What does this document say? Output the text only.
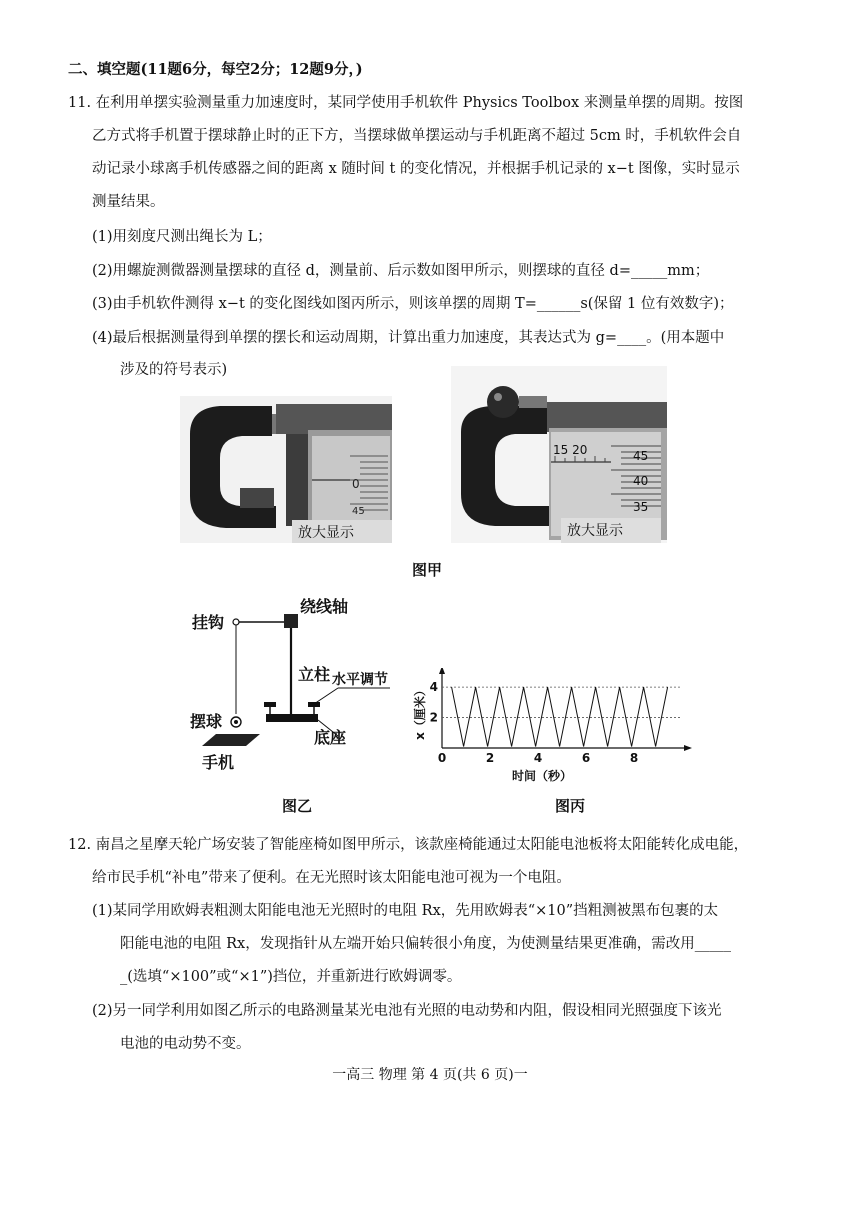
二、填空题(11题6分，每空2分；12题9分，)
11. 在利用单摆实验测量重力加速度时，某同学使用手机软件 Physics Toolbox 来测量单摆的周期。按图
乙方式将手机置于摆球静止时的正下方，当摆球做单摆运动与手机距离不超过 5cm 时，手机软件会自
动记录小球离手机传感器之间的距离 x 随时间 t 的变化情况，并根据手机记录的 x−t 图像，实时显示
测量结果。
(1)用刻度尺测出绳长为 L；
(2)用螺旋测微器测量摆球的直径 d，测量前、后示数如图甲所示，则摆球的直径 d=_____mm；
(3)由手机软件测得 x−t 的变化图线如图丙所示，则该单摆的周期 T=______s(保留 1 位有效数字)；
(4)最后根据测量得到单摆的摆长和运动周期，计算出重力加速度，其表达式为 g=____。(用本题中
涉及的符号表示)
0
45
放大显示
15 20	45
40
35
放大显示
图甲
挂钩
绕线轴
立柱 水平调节
摆球
底座
手机
x（厘米） 2
4
0	2	4	6	8
时间（秒）
图乙	图丙
12. 南昌之星摩天轮广场安装了智能座椅如图甲所示，该款座椅能通过太阳能电池板将太阳能转化成电能，
给市民手机“补电”带来了便利。在无光照时该太阳能电池可视为一个电阻。
(1)某同学用欧姆表粗测太阳能电池无光照时的电阻 Rx，先用欧姆表“×10”挡粗测被黑布包裹的太
阳能电池的电阻 Rx，发现指针从左端开始只偏转很小角度，为使测量结果更准确，需改用_____
_(选填“×100”或“×1”)挡位，并重新进行欧姆调零。
(2)另一同学利用如图乙所示的电路测量某光电池有光照的电动势和内阻，假设相同光照强度下该光
电池的电动势不变。
一高三 物理 第 4 页(共 6 页)一
